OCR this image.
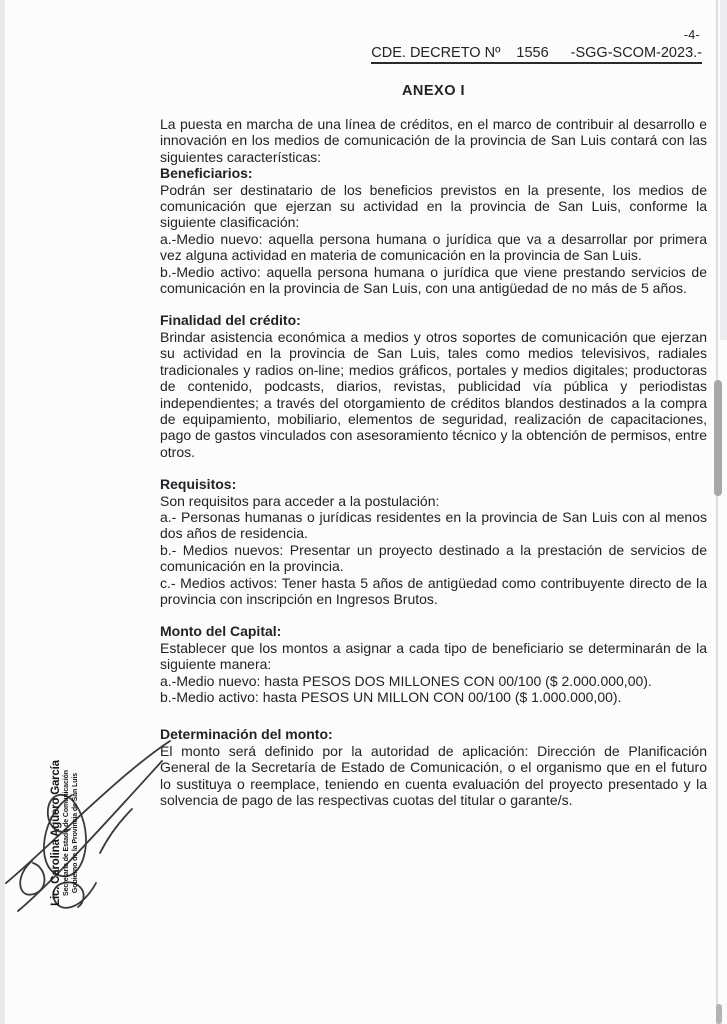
-4-
CDE. DECRETO Nº 1556 -SGG-SCOM-2023.-
ANEXO I

La puesta en marcha de una línea de créditos, en el marco de contribuir al desarrollo e innovación en los medios de comunicación de la provincia de San Luis contará con las siguientes características:

Beneficiarios:

Podrán ser destinatario de los beneficios previstos en la presente, los medios de comunicación que ejerzan su actividad en la provincia de San Luis, conforme la siguiente clasificación:

a.-Medio nuevo: aquella persona humana o jurídica que va a desarrollar por primera vez alguna actividad en materia de comunicación en la provincia de San Luis.

b.-Medio activo: aquella persona humana o jurídica que viene prestando servicios de comunicación en la provincia de San Luis, con una antigüedad de no más de 5 años.

Finalidad del crédito:

Brindar asistencia económica a medios y otros soportes de comunicación que ejerzan su actividad en la provincia de San Luis, tales como medios televisivos, radiales tradicionales y radios on-line; medios gráficos, portales y medios digitales; productoras de contenido, podcasts, diarios, revistas, publicidad vía pública y periodistas independientes; a través del otorgamiento de créditos blandos destinados a la compra de equipamiento, mobiliario, elementos de seguridad, realización de capacitaciones, pago de gastos vinculados con asesoramiento técnico y la obtención de permisos, entre otros.

Requisitos:

Son requisitos para acceder a la postulación:

a.- Personas humanas o jurídicas residentes en la provincia de San Luis con al menos dos años de residencia.

b.- Medios nuevos: Presentar un proyecto destinado a la prestación de servicios de comunicación en la provincia.

c.- Medios activos: Tener hasta 5 años de antigüedad como contribuyente directo de la provincia con inscripción en Ingresos Brutos.

Monto del Capital:

Establecer que los montos a asignar a cada tipo de beneficiario se determinarán de la siguiente manera:

a.-Medio nuevo: hasta PESOS DOS MILLONES CON 00/100 ($ 2.000.000,00).

b.-Medio activo: hasta PESOS UN MILLON CON 00/100 ($ 1.000.000,00).

Determinación del monto:

El monto será definido por la autoridad de aplicación: Dirección de Planificación General de la Secretaría de Estado de Comunicación, o el organismo que en el futuro lo sustituya o reemplace, teniendo en cuenta evaluación del proyecto presentado y la solvencia de pago de las respectivas cuotas del titular o garante/s.

Lic. Carolina Agüero García Secretaría de Estado de Comunicación Gobierno de la Provincia de San Luis
